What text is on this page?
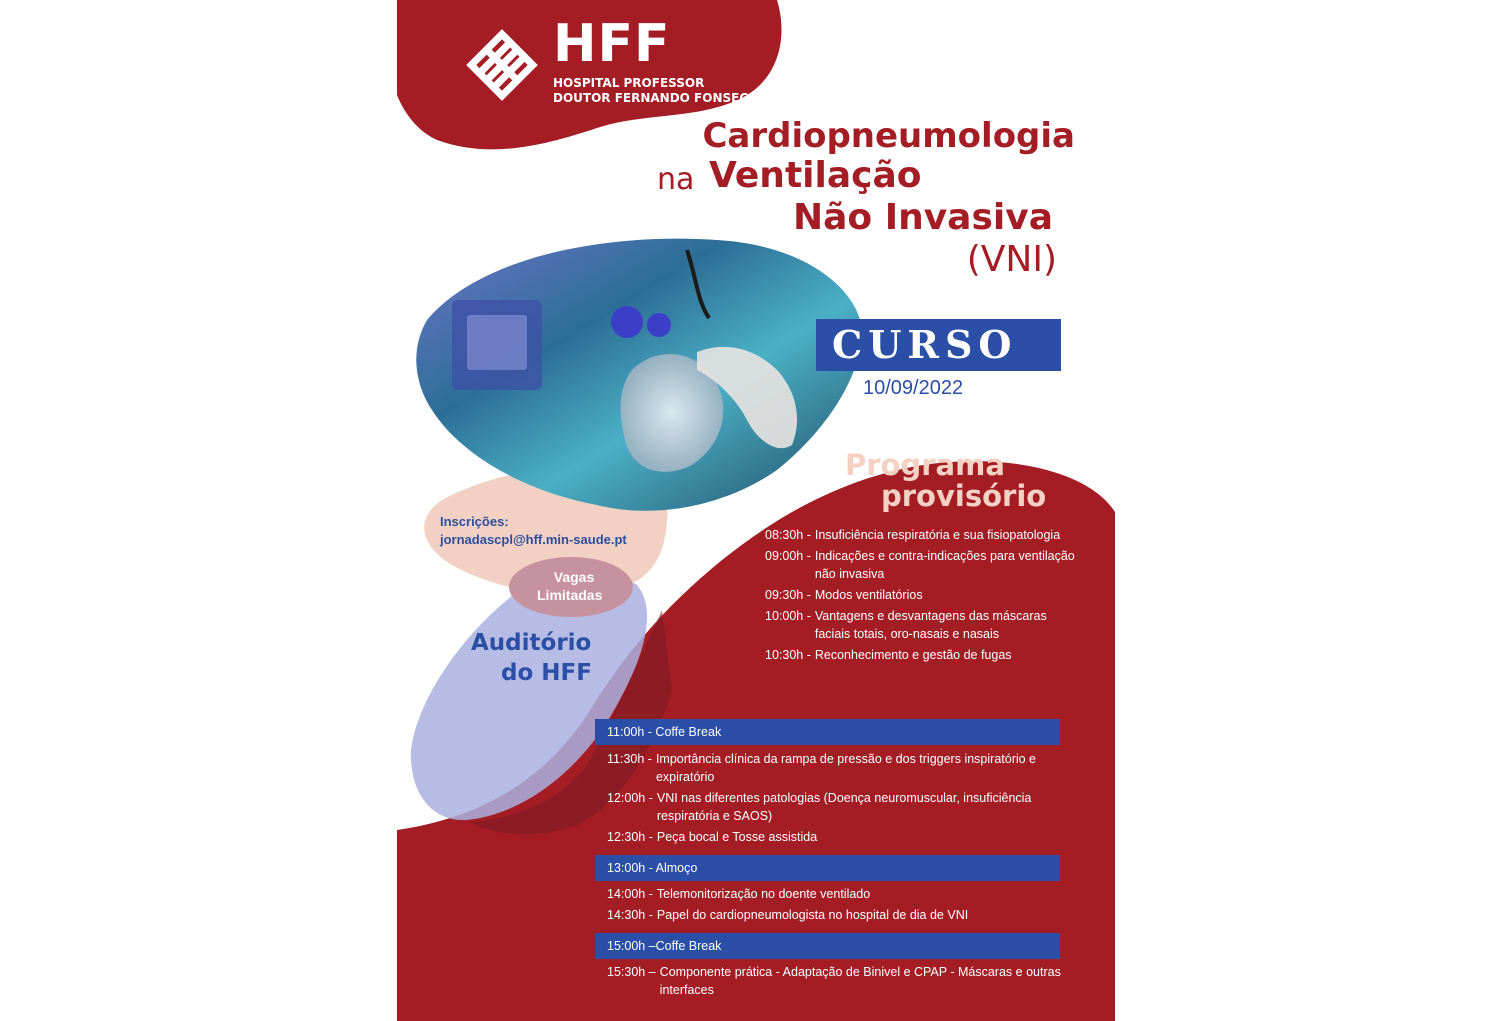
HFF
HOSPITAL PROFESSOR
DOUTOR FERNANDO FONSECA
Cardiopneumologia
na Ventilação
Não Invasiva
(VNI)
CURSO
10/09/2022
Programa
provisório
Inscrições:
jornadascpl@hff.min-saude.pt
Vagas
Limitadas
Auditório
do HFF
08:30h - Insuficiência respiratória e sua fisiopatologia
09:00h - Indicações e contra-indicações para ventilação não invasiva
09:30h - Modos ventilatórios
10:00h - Vantagens e desvantagens das máscaras faciais totais, oro-nasais e nasais
10:30h - Reconhecimento e gestão de fugas
11:00h - Coffe Break
11:30h - Importância clínica da rampa de pressão e dos triggers inspiratório e expiratório
12:00h - VNI nas diferentes patologias (Doença neuromuscular, insuficiência respiratória e SAOS)
12:30h - Peça bocal e Tosse assistida
13:00h - Almoço
14:00h - Telemonitorização no doente ventilado
14:30h - Papel do cardiopneumologista no hospital de dia de VNI
15:00h –Coffe Break
15:30h – Componente prática - Adaptação de Binivel e CPAP - Máscaras e outras interfaces
